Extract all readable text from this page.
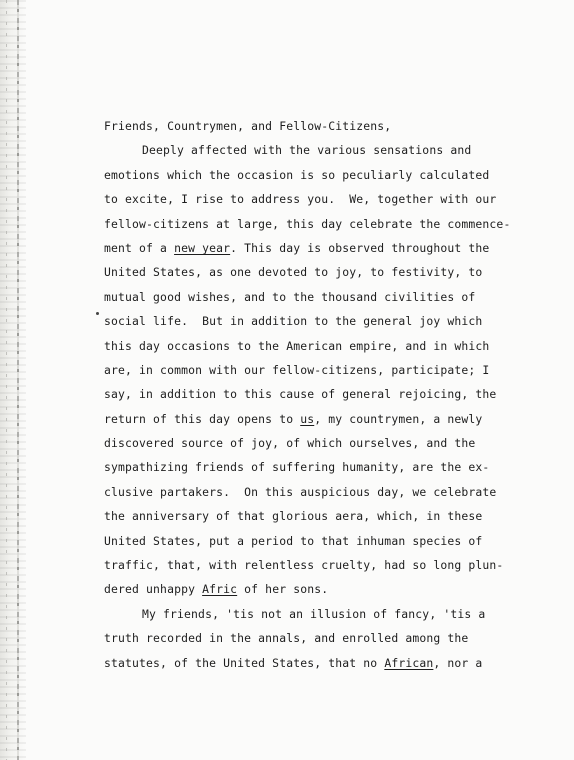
Friends, Countrymen, and Fellow-Citizens,
Deeply affected with the various sensations and
emotions which the occasion is so peculiarly calculated
to excite, I rise to address you.  We, together with our
fellow-citizens at large, this day celebrate the commence-
ment of a new year. This day is observed throughout the
United States, as one devoted to joy, to festivity, to
mutual good wishes, and to the thousand civilities of
social life.  But in addition to the general joy which
this day occasions to the American empire, and in which
are, in common with our fellow-citizens, participate; I
say, in addition to this cause of general rejoicing, the
return of this day opens to us, my countrymen, a newly
discovered source of joy, of which ourselves, and the
sympathizing friends of suffering humanity, are the ex-
clusive partakers.  On this auspicious day, we celebrate
the anniversary of that glorious aera, which, in these
United States, put a period to that inhuman species of
traffic, that, with relentless cruelty, had so long plun-
dered unhappy Afric of her sons.
My friends, 'tis not an illusion of fancy, 'tis a
truth recorded in the annals, and enrolled among the
statutes, of the United States, that no African, nor a
